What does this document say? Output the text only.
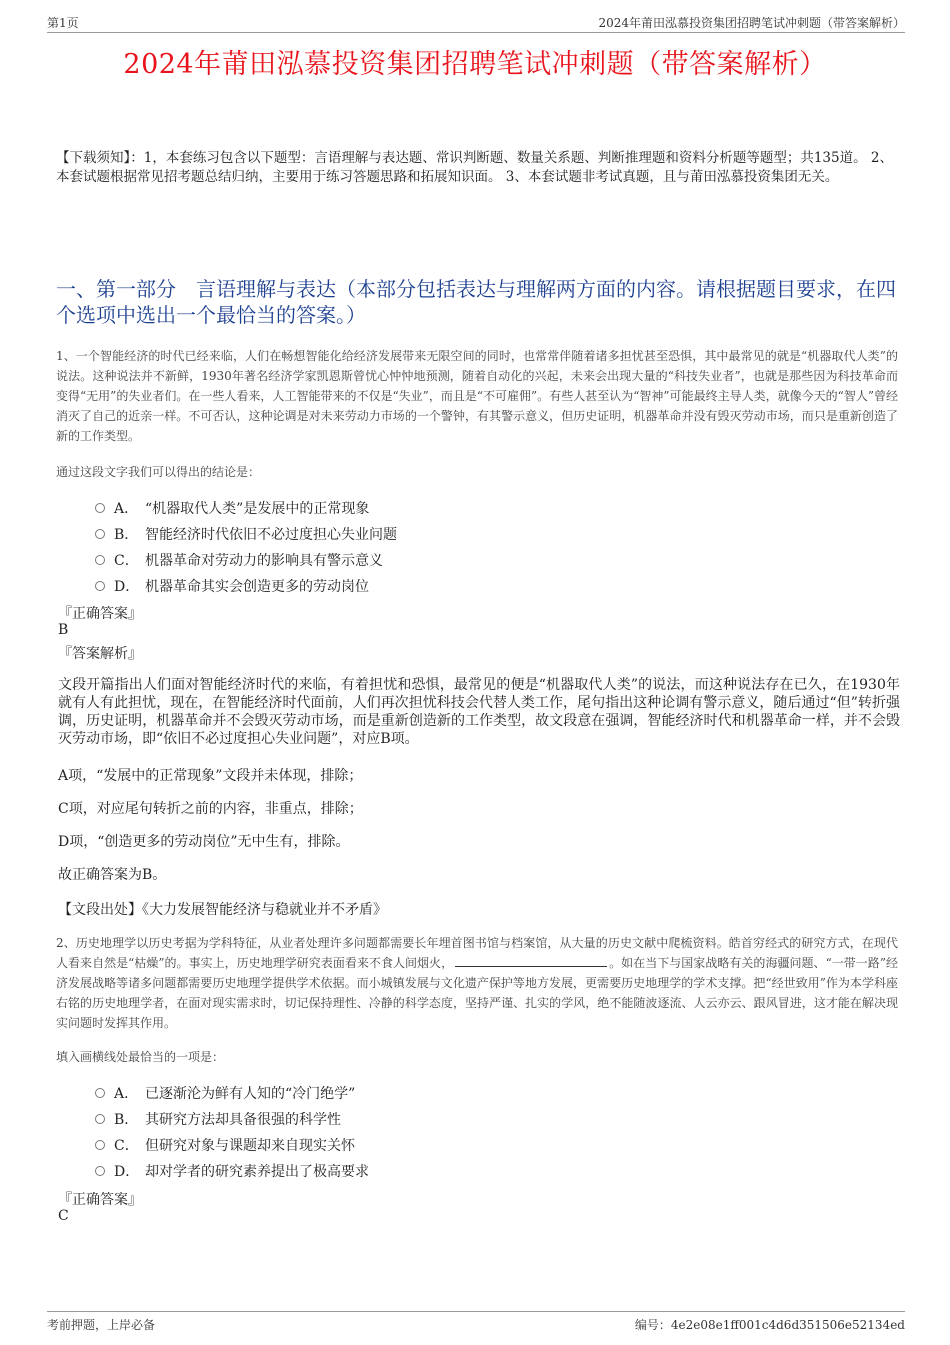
第1页	2024年莆田泓慕投资集团招聘笔试冲刺题（带答案解析）
2024年莆田泓慕投资集团招聘笔试冲刺题（带答案解析）
【下载须知】：1，本套练习包含以下题型：言语理解与表达题、常识判断题、数量关系题、判断推理题和资料分析题等题型；共135道。 2、本套试题根据常见招考题总结归纳，主要用于练习答题思路和拓展知识面。 3、本套试题非考试真题，且与莆田泓慕投资集团无关。
一、第一部分　言语理解与表达（本部分包括表达与理解两方面的内容。请根据题目要求，在四个选项中选出一个最恰当的答案。）
1、一个智能经济的时代已经来临，人们在畅想智能化给经济发展带来无限空间的同时，也常常伴随着诸多担忧甚至恐惧，其中最常见的就是“机器取代人类”的说法。这种说法并不新鲜，1930年著名经济学家凯恩斯曾忧心忡忡地预测，随着自动化的兴起，未来会出现大量的“科技失业者”，也就是那些因为科技革命而变得“无用”的失业者们。在一些人看来，人工智能带来的不仅是“失业”，而且是“不可雇佣”。有些人甚至认为“智神”可能最终主导人类，就像今天的“智人”曾经消灭了自己的近亲一样。不可否认，这种论调是对未来劳动力市场的一个警钟，有其警示意义，但历史证明，机器革命并没有毁灭劳动市场，而只是重新创造了新的工作类型。
通过这段文字我们可以得出的结论是：
A． “机器取代人类”是发展中的正常现象
B． 智能经济时代依旧不必过度担心失业问题
C． 机器革命对劳动力的影响具有警示意义
D． 机器革命其实会创造更多的劳动岗位
『正确答案』
B
『答案解析』
文段开篇指出人们面对智能经济时代的来临，有着担忧和恐惧，最常见的便是“机器取代人类”的说法，而这种说法存在已久，在1930年就有人有此担忧，现在，在智能经济时代面前，人们再次担忧科技会代替人类工作，尾句指出这种论调有警示意义，随后通过“但”转折强调，历史证明，机器革命并不会毁灭劳动市场，而是重新创造新的工作类型，故文段意在强调，智能经济时代和机器革命一样，并不会毁灭劳动市场，即“依旧不必过度担心失业问题”，对应B项。
A项，“发展中的正常现象”文段并未体现，排除；
C项，对应尾句转折之前的内容，非重点，排除；
D项，“创造更多的劳动岗位”无中生有，排除。
故正确答案为B。
【文段出处】《大力发展智能经济与稳就业并不矛盾》
2、历史地理学以历史考据为学科特征，从业者处理许多问题都需要长年埋首图书馆与档案馆，从大量的历史文献中爬梳资料。皓首穷经式的研究方式，在现代人看来自然是“枯燥”的。事实上，历史地理学研究表面看来不食人间烟火，	。如在当下与国家战略有关的海疆问题、“一带一路”经济发展战略等诸多问题都需要历史地理学提供学术依据。而小城镇发展与文化遗产保护等地方发展，更需要历史地理学的学术支撑。把“经世致用”作为本学科座右铭的历史地理学者，在面对现实需求时，切记保持理性、冷静的科学态度，坚持严谨、扎实的学风，绝不能随波逐流、人云亦云、跟风冒进，这才能在解决现实问题时发挥其作用。
填入画横线处最恰当的一项是：
A． 已逐渐沦为鲜有人知的“冷门绝学”
B． 其研究方法却具备很强的科学性
C． 但研究对象与课题却来自现实关怀
D． 却对学者的研究素养提出了极高要求
『正确答案』
C
考前押题，上岸必备	编号：4e2e08e1ff001c4d6d351506e52134ed
